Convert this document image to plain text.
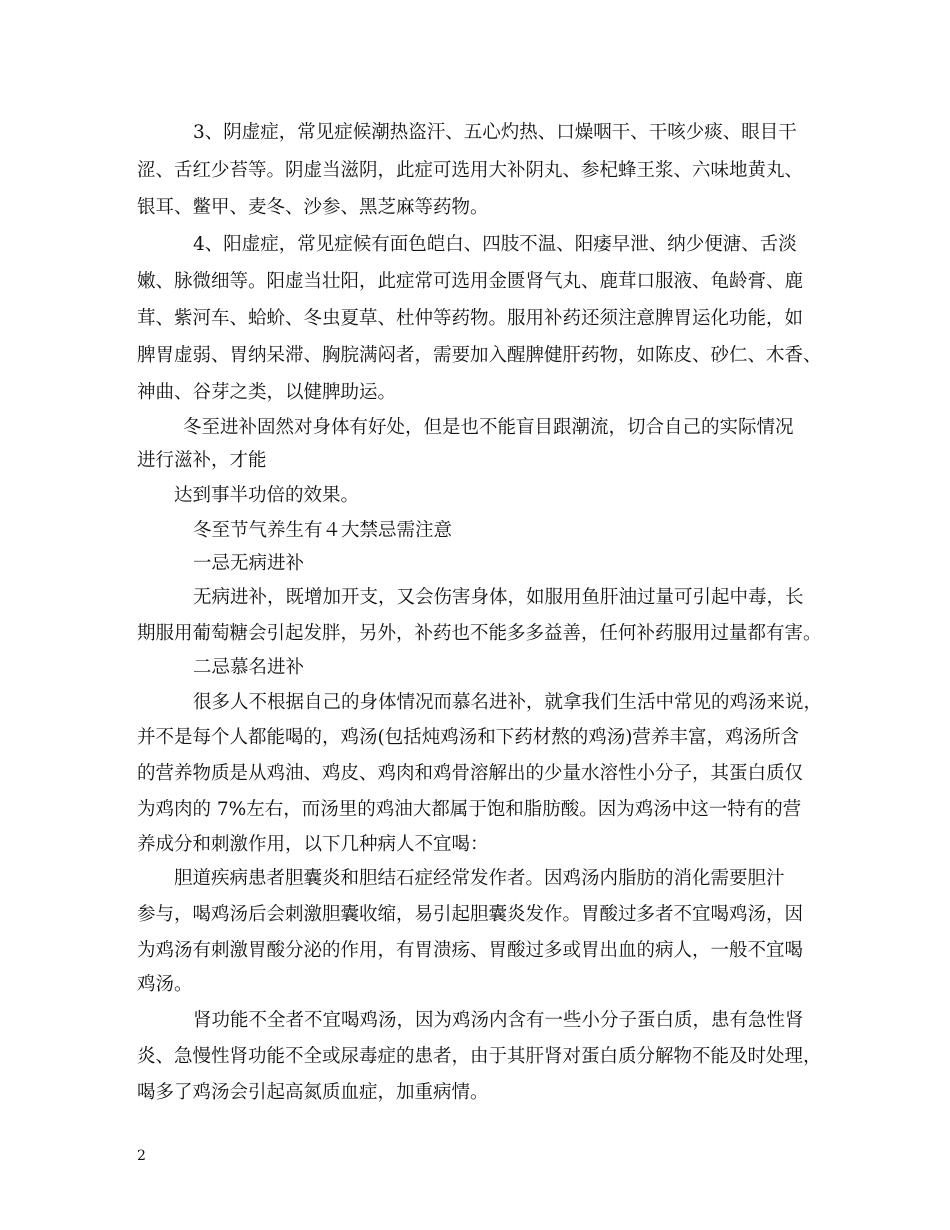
3、阴虚症，常见症候潮热盗汗、五心灼热、口燥咽干、干咳少痰、眼目干
涩、舌红少苔等。阴虚当滋阴，此症可选用大补阴丸、参杞蜂王浆、六味地黄丸、
银耳、鳖甲、麦冬、沙参、黑芝麻等药物。
4、阳虚症，常见症候有面色皑白、四肢不温、阳痿早泄、纳少便溏、舌淡
嫩、脉微细等。阳虚当壮阳，此症常可选用金匮肾气丸、鹿茸口服液、龟龄膏、鹿
茸、紫河车、蛤蚧、冬虫夏草、杜仲等药物。服用补药还须注意脾胃运化功能，如
脾胃虚弱、胃纳呆滞、胸脘满闷者，需要加入醒脾健肝药物，如陈皮、砂仁、木香、
神曲、谷芽之类，以健脾助运。
冬至进补固然对身体有好处，但是也不能盲目跟潮流，切合自己的实际情况
进行滋补，才能
达到事半功倍的效果。
冬至节气养生有４大禁忌需注意
一忌无病进补
无病进补，既增加开支，又会伤害身体，如服用鱼肝油过量可引起中毒，长
期服用葡萄糖会引起发胖，另外，补药也不能多多益善，任何补药服用过量都有害。
二忌慕名进补
很多人不根据自己的身体情况而慕名进补，就拿我们生活中常见的鸡汤来说，
并不是每个人都能喝的，鸡汤(包括炖鸡汤和下药材熬的鸡汤)营养丰富，鸡汤所含
的营养物质是从鸡油、鸡皮、鸡肉和鸡骨溶解出的少量水溶性小分子，其蛋白质仅
为鸡肉的 7%左右，而汤里的鸡油大都属于饱和脂肪酸。因为鸡汤中这一特有的营
养成分和刺激作用，以下几种病人不宜喝：
胆道疾病患者胆囊炎和胆结石症经常发作者。因鸡汤内脂肪的消化需要胆汁
参与，喝鸡汤后会刺激胆囊收缩，易引起胆囊炎发作。胃酸过多者不宜喝鸡汤，因
为鸡汤有刺激胃酸分泌的作用，有胃溃疡、胃酸过多或胃出血的病人，一般不宜喝
鸡汤。
肾功能不全者不宜喝鸡汤，因为鸡汤内含有一些小分子蛋白质，患有急性肾
炎、急慢性肾功能不全或尿毒症的患者，由于其肝肾对蛋白质分解物不能及时处理，
喝多了鸡汤会引起高氮质血症，加重病情。
2
